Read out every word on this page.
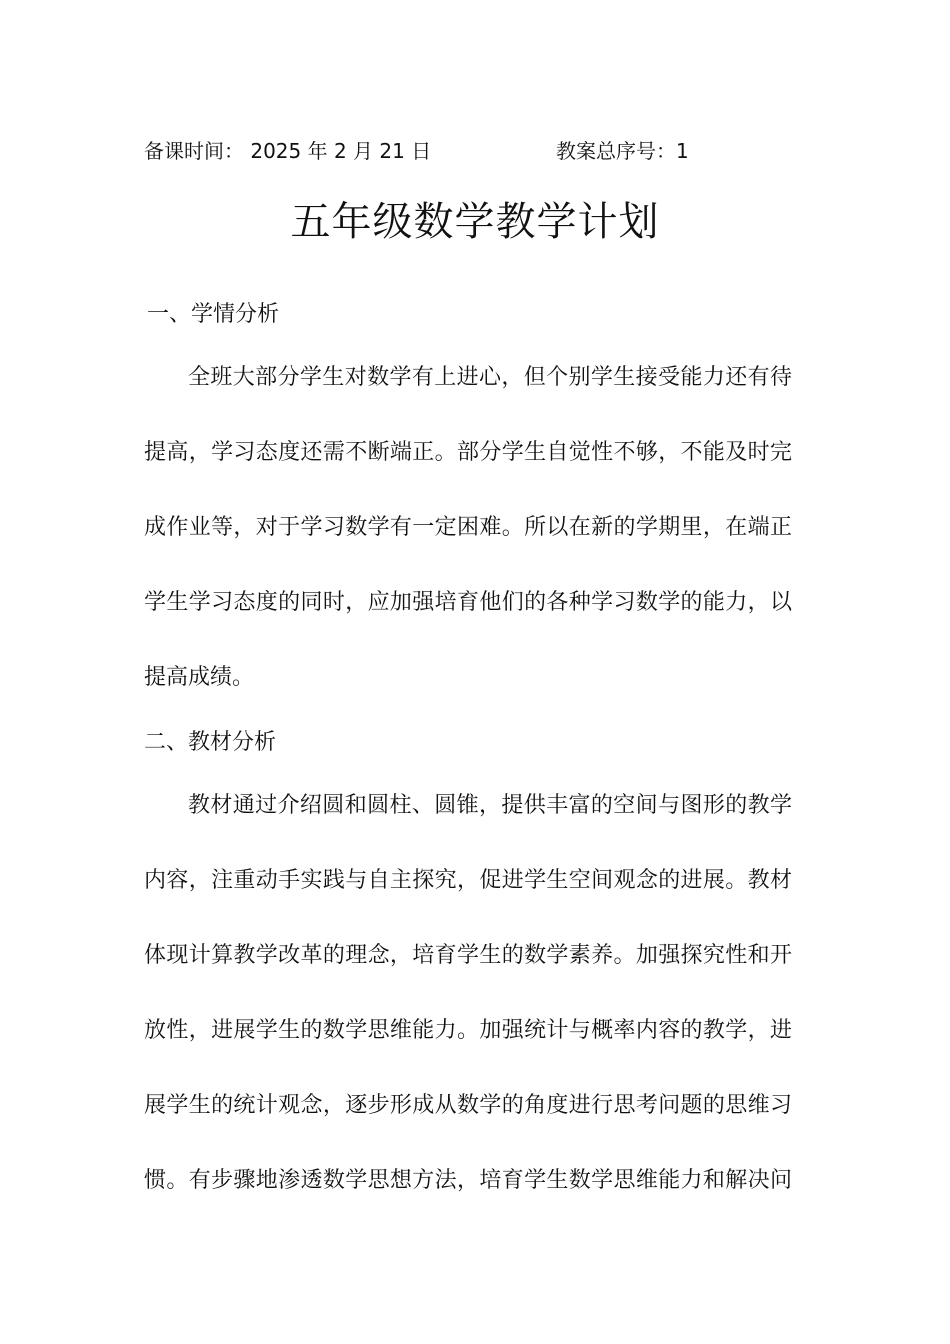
备课时间： 2025 年 2 月 21 日	教案总序号：1
五年级数学教学计划
一、学情分析
全班大部分学生对数学有上进心，但个别学生接受能力还有待
提高，学习态度还需不断端正。部分学生自觉性不够，不能及时完
成作业等，对于学习数学有一定困难。所以在新的学期里，在端正
学生学习态度的同时，应加强培育他们的各种学习数学的能力，以
提高成绩。
二、教材分析
教材通过介绍圆和圆柱、圆锥，提供丰富的空间与图形的教学
内容，注重动手实践与自主探究，促进学生空间观念的进展。教材
体现计算教学改革的理念，培育学生的数学素养。加强探究性和开
放性，进展学生的数学思维能力。加强统计与概率内容的教学，进
展学生的统计观念，逐步形成从数学的角度进行思考问题的思维习
惯。有步骤地渗透数学思想方法，培育学生数学思维能力和解决问
